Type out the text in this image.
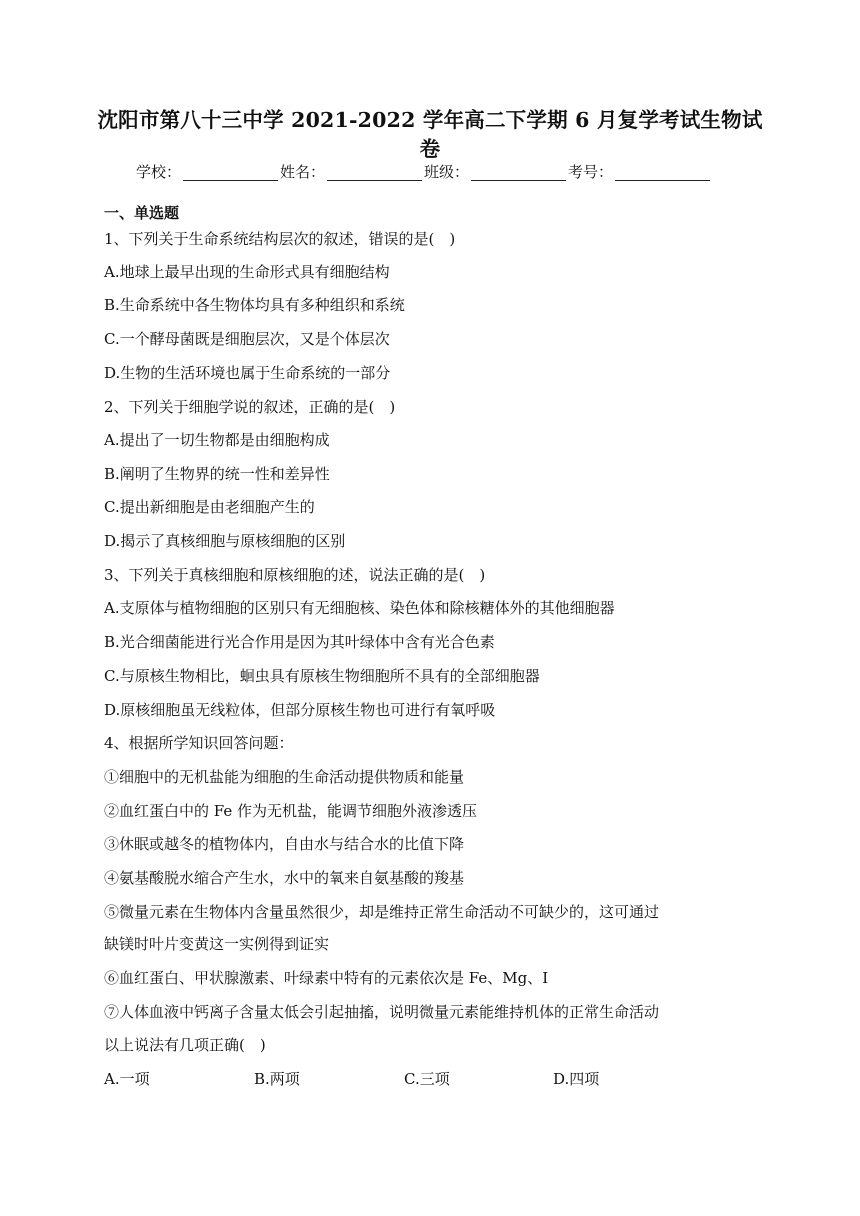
沈阳市第八十三中学 2021-2022 学年高二下学期 6 月复学考试生物试
卷
学校：	姓名：	班级：	考号：
一、单选题
1、下列关于生命系统结构层次的叙述，错误的是(　)
A.地球上最早出现的生命形式具有细胞结构
B.生命系统中各生物体均具有多种组织和系统
C.一个酵母菌既是细胞层次，又是个体层次
D.生物的生活环境也属于生命系统的一部分
2、下列关于细胞学说的叙述，正确的是(　)
A.提出了一切生物都是由细胞构成
B.阐明了生物界的统一性和差异性
C.提出新细胞是由老细胞产生的
D.揭示了真核细胞与原核细胞的区别
3、下列关于真核细胞和原核细胞的述，说法正确的是(　)
A.支原体与植物细胞的区别只有无细胞核、染色体和除核糖体外的其他细胞器
B.光合细菌能进行光合作用是因为其叶绿体中含有光合色素
C.与原核生物相比，蛔虫具有原核生物细胞所不具有的全部细胞器
D.原核细胞虽无线粒体，但部分原核生物也可进行有氧呼吸
4、根据所学知识回答问题：
①细胞中的无机盐能为细胞的生命活动提供物质和能量
②血红蛋白中的 Fe 作为无机盐，能调节细胞外液渗透压
③休眠或越冬的植物体内，自由水与结合水的比值下降
④氨基酸脱水缩合产生水，水中的氧来自氨基酸的羧基
⑤微量元素在生物体内含量虽然很少，却是维持正常生命活动不可缺少的，这可通过
缺镁时叶片变黄这一实例得到证实
⑥血红蛋白、甲状腺激素、叶绿素中特有的元素依次是 Fe、Mg、I
⑦人体血液中钙离子含量太低会引起抽搐，说明微量元素能维持机体的正常生命活动
以上说法有几项正确(　)
A.一项	B.两项	C.三项	D.四项
